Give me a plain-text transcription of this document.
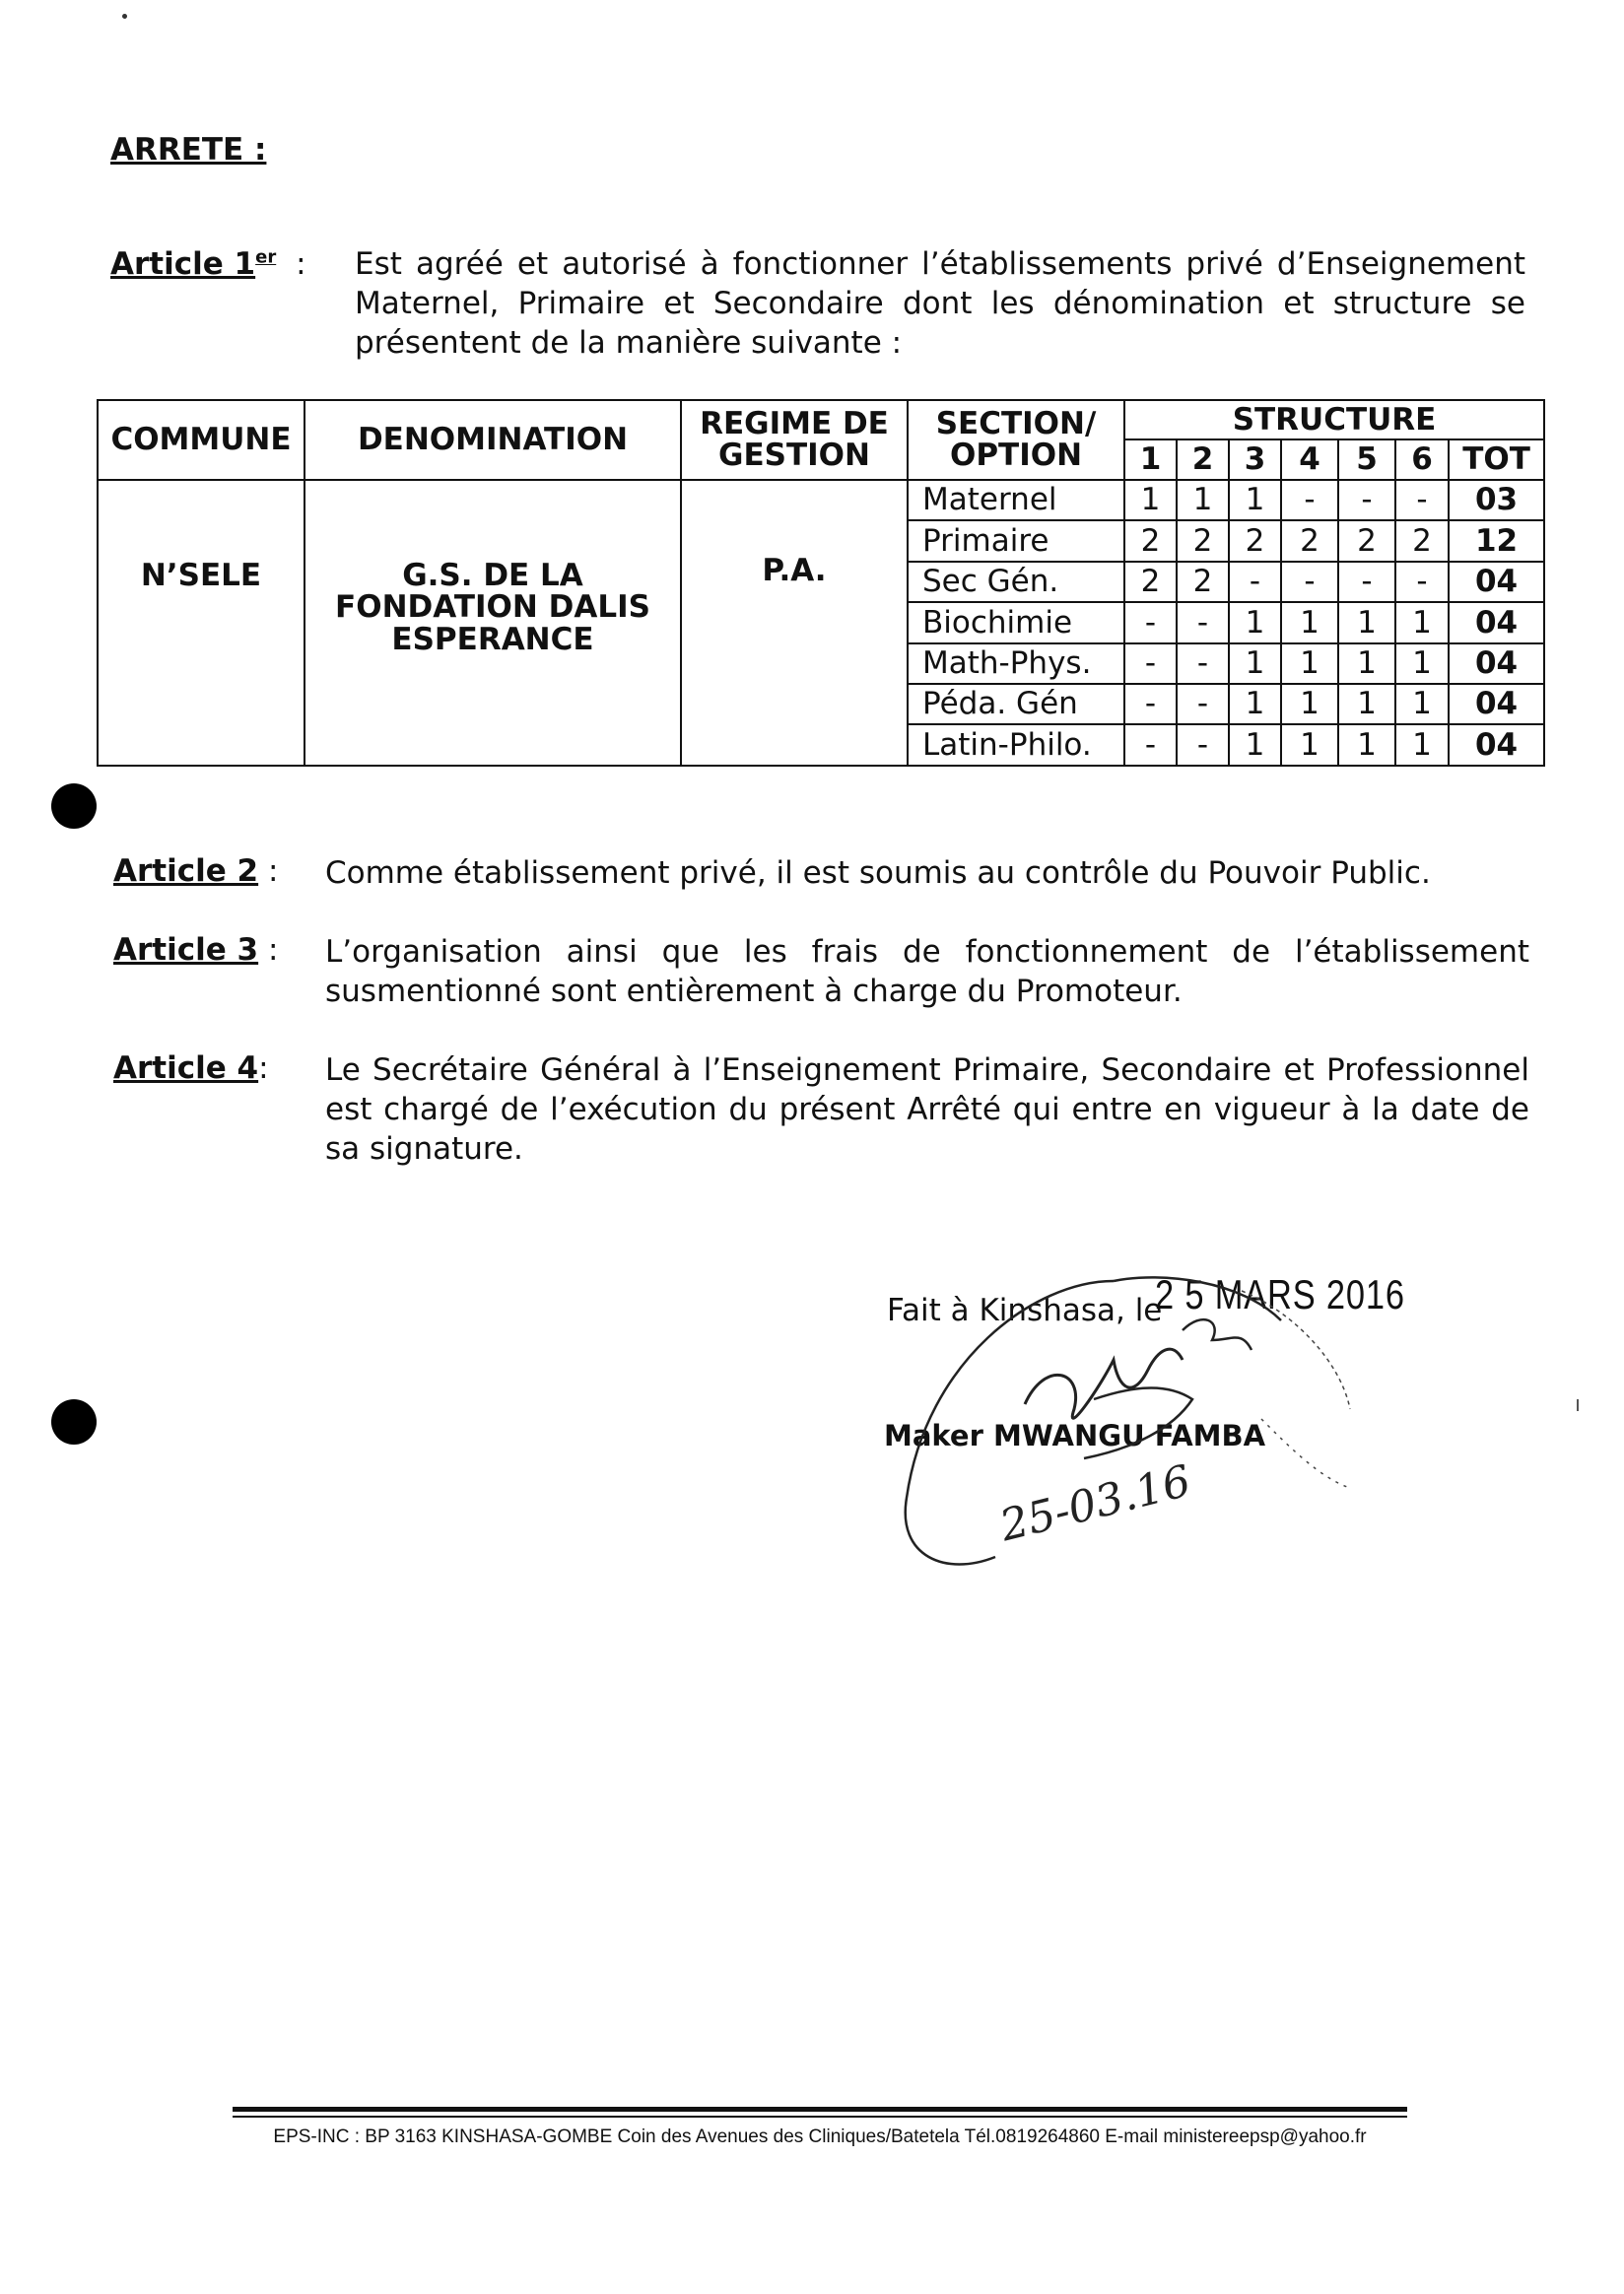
ARRETE :
Article 1er : Est agréé et autorisé à fonctionner l’établissements privé d’Enseignement Maternel, Primaire et Secondaire dont les dénomination et structure se présentent de la manière suivante :
COMMUNE	DENOMINATION	REGIME DE GESTION	SECTION/ OPTION	STRUCTURE						
				1	2	3	4	5	6	TOT
N’SELE	G.S. DE LA FONDATION DALIS ESPERANCE	P.A.	Maternel	1	1	1	-	-	-	03
			Primaire	2	2	2	2	2	2	12
			Sec Gén.	2	2	-	-	-	-	04
			Biochimie	-	-	1	1	1	1	04
			Math-Phys.	-	-	1	1	1	1	04
			Péda. Gén	-	-	1	1	1	1	04
			Latin-Philo.	-	-	1	1	1	1	04
Article 2 : Comme établissement privé, il est soumis au contrôle du Pouvoir Public.
Article 3 : L’organisation ainsi que les frais de fonctionnement de l’établissement susmentionné sont entièrement à charge du Promoteur.
Article 4: Le Secrétaire Général à l’Enseignement Primaire, Secondaire et Professionnel est chargé de l’exécution du présent Arrêté qui entre en vigueur à la date de sa signature.
Fait à Kinshasa, le
2 5 MARS 2016
Maker MWANGU FAMBA
25-03.16
EPS-INC : BP 3163 KINSHASA-GOMBE Coin des Avenues des Cliniques/Batetela Tél.0819264860 E-mail ministereepsp@yahoo.fr
